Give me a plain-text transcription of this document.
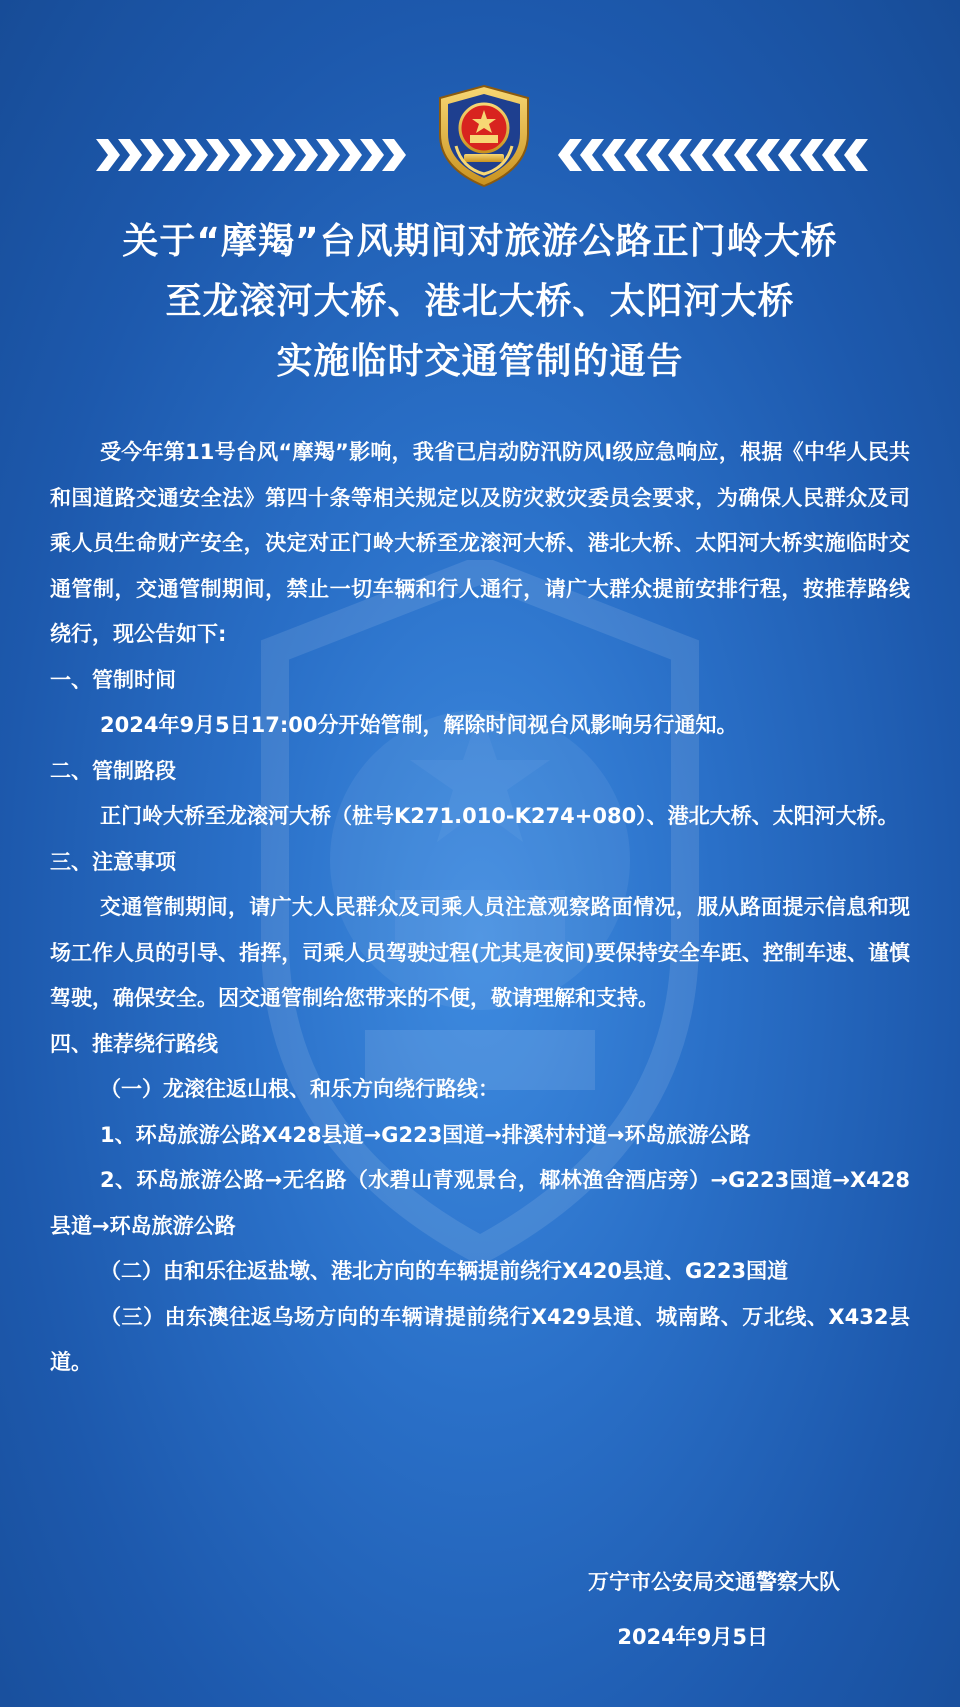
关于“摩羯”台风期间对旅游公路正门岭大桥
至龙滚河大桥、港北大桥、太阳河大桥
实施临时交通管制的通告
受今年第11号台风“摩羯”影响，我省已启动防汛防风Ⅰ级应急响应，根据《中华人民共和国道路交通安全法》第四十条等相关规定以及防灾救灾委员会要求，为确保人民群众及司乘人员生命财产安全，决定对正门岭大桥至龙滚河大桥、港北大桥、太阳河大桥实施临时交通管制，交通管制期间，禁止一切车辆和行人通行，请广大群众提前安排行程，按推荐路线绕行，现公告如下:
一、管制时间
2024年9月5日17:00分开始管制，解除时间视台风影响另行通知。
二、管制路段
正门岭大桥至龙滚河大桥（桩号K271.010-K274+080）、港北大桥、太阳河大桥。
三、注意事项
交通管制期间，请广大人民群众及司乘人员注意观察路面情况，服从路面提示信息和现场工作人员的引导、指挥，司乘人员驾驶过程(尤其是夜间)要保持安全车距、控制车速、谨慎驾驶，确保安全。因交通管制给您带来的不便，敬请理解和支持。
四、推荐绕行路线
（一）龙滚往返山根、和乐方向绕行路线：
1、环岛旅游公路X428县道→G223国道→排溪村村道→环岛旅游公路
2、环岛旅游公路→无名路（水碧山青观景台，椰林渔舍酒店旁）→G223国道→X428县道→环岛旅游公路
（二）由和乐往返盐墩、港北方向的车辆提前绕行X420县道、G223国道
（三）由东澳往返乌场方向的车辆请提前绕行X429县道、城南路、万北线、X432县道。
万宁市公安局交通警察大队
2024年9月5日
